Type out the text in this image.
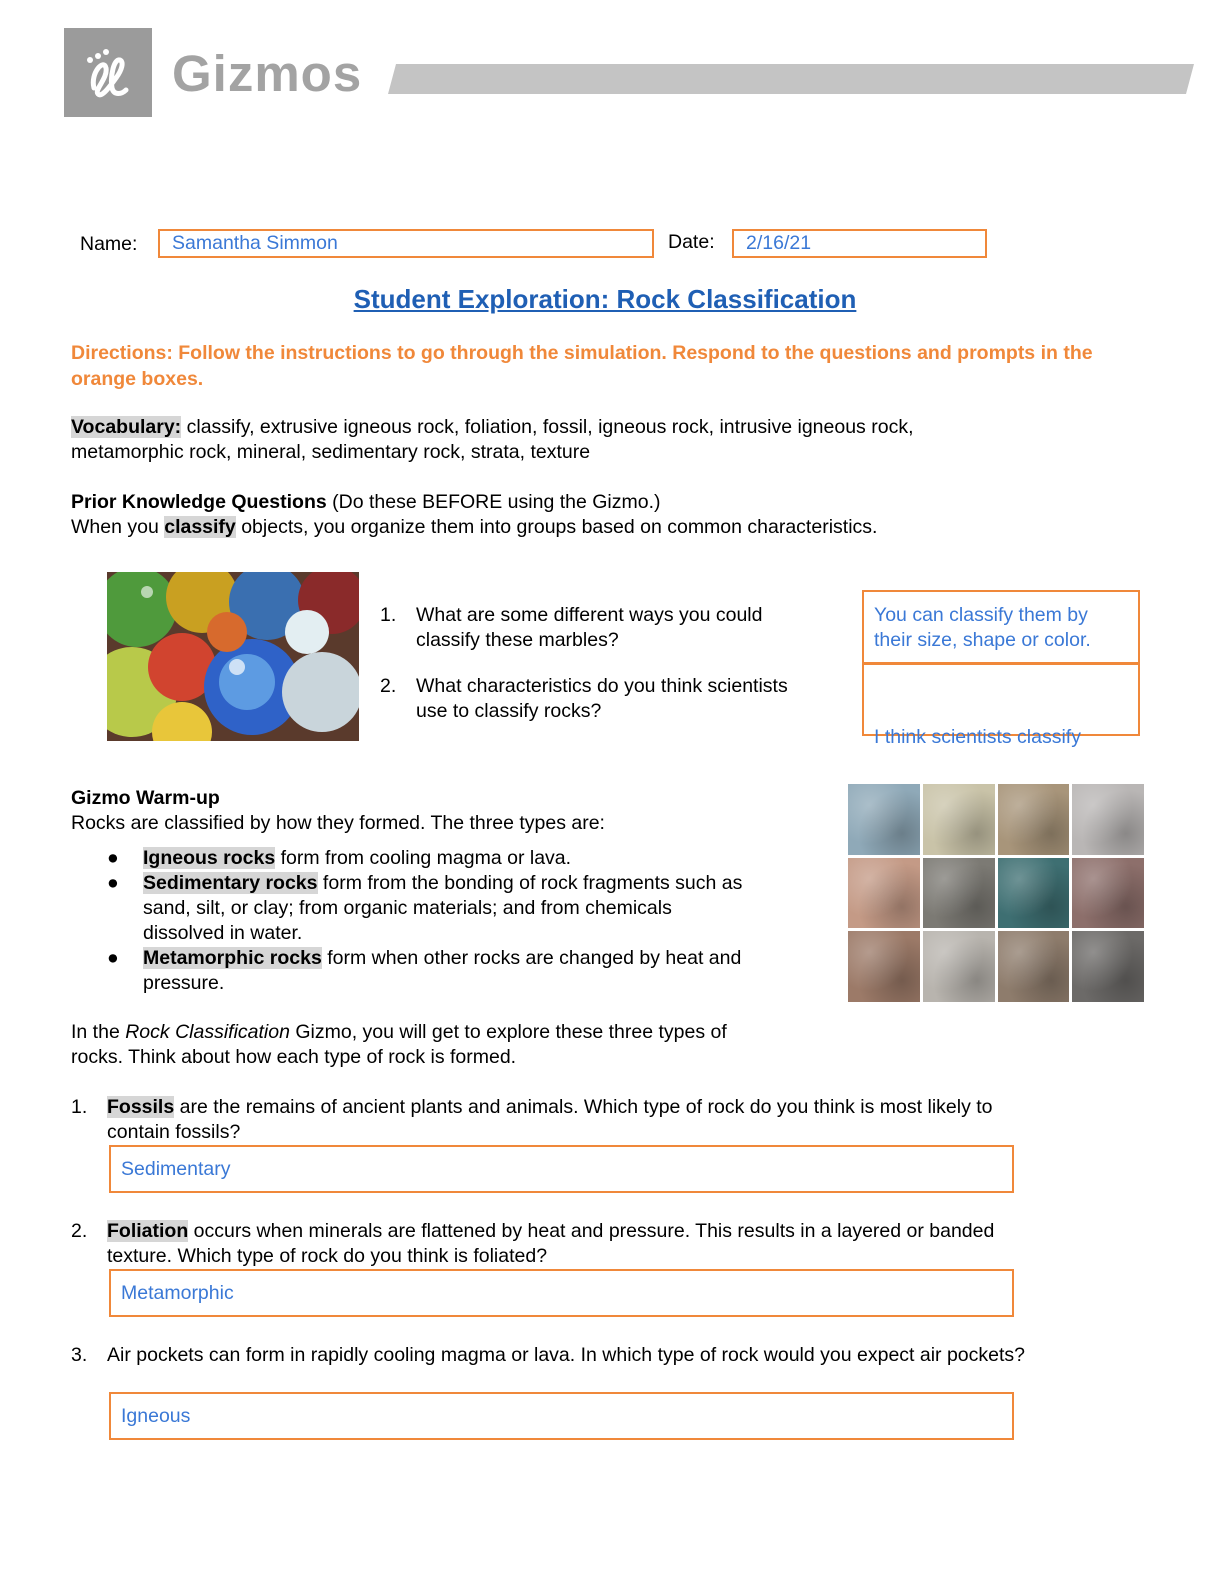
Gizmos
Name:	Samantha Simmon	Date:	2/16/21
Student Exploration: Rock Classification
Directions: Follow the instructions to go through the simulation. Respond to the questions and prompts in the orange boxes.
Vocabulary: classify, extrusive igneous rock, foliation, fossil, igneous rock, intrusive igneous rock,
metamorphic rock, mineral, sedimentary rock, strata, texture
Prior Knowledge Questions (Do these BEFORE using the Gizmo.)
When you classify objects, you organize them into groups based on common characteristics.
1. What are some different ways you could
classify these marbles?
2. What characteristics do you think scientists
use to classify rocks?
You can classify them by
their size, shape or color.

I think scientists classify

Gizmo Warm-up
Rocks are classified by how they formed. The three types are:
● Igneous rocks form from cooling magma or lava.
● Sedimentary rocks form from the bonding of rock fragments such as
sand, silt, or clay; from organic materials; and from chemicals
dissolved in water.
● Metamorphic rocks form when other rocks are changed by heat and
pressure.
In the Rock Classification Gizmo, you will get to explore these three types of
rocks. Think about how each type of rock is formed.
1. Fossils are the remains of ancient plants and animals. Which type of rock do you think is most likely to
contain fossils?
Sedimentary
2. Foliation occurs when minerals are flattened by heat and pressure. This results in a layered or banded
texture. Which type of rock do you think is foliated?
Metamorphic
3. Air pockets can form in rapidly cooling magma or lava. In which type of rock would you expect air pockets?
Igneous
